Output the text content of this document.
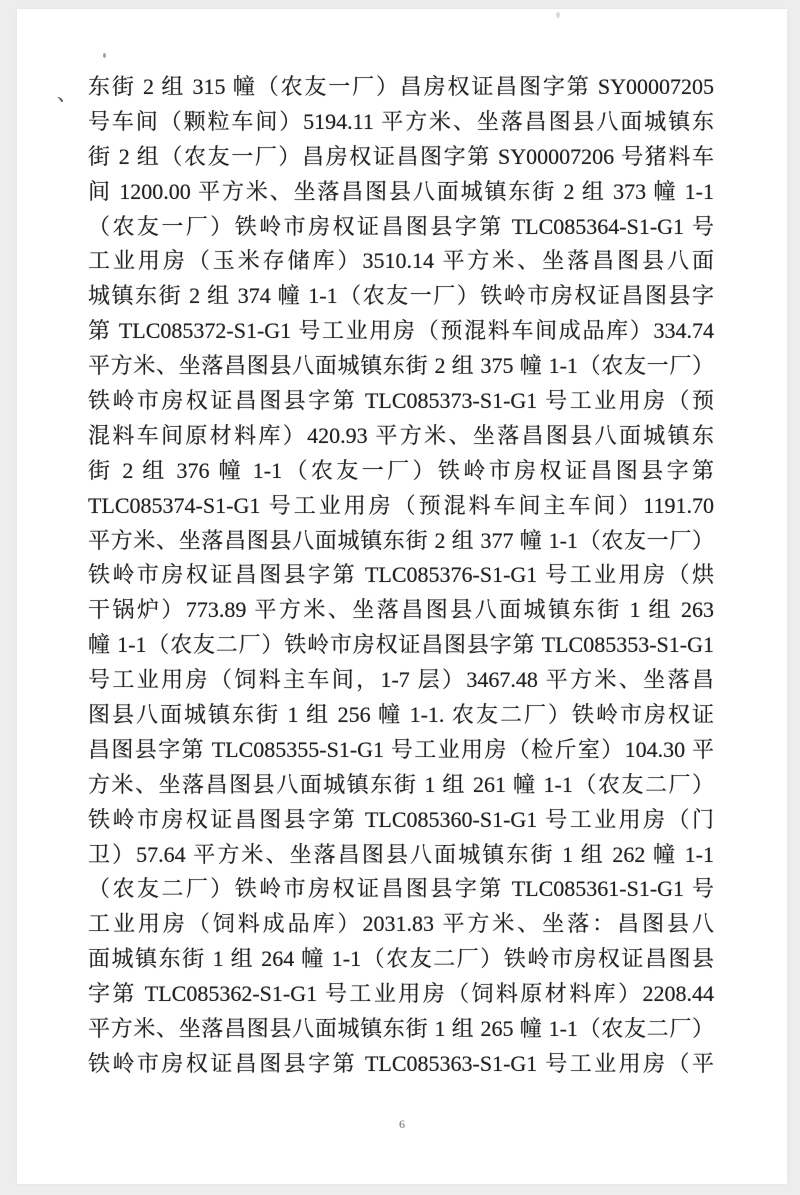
、 东街 2 组 315 幢（农友一厂）昌房权证昌图字第 SY00007205
号车间（颗粒车间）5194.11 平方米、坐落昌图县八面城镇东
街 2 组（农友一厂）昌房权证昌图字第 SY00007206 号猪料车
间 1200.00 平方米、坐落昌图县八面城镇东街 2 组 373 幢 1-1
（农友一厂）铁岭市房权证昌图县字第 TLC085364-S1-G1 号
工业用房（玉米存储库）3510.14 平方米、坐落昌图县八面
城镇东街 2 组 374 幢 1-1（农友一厂）铁岭市房权证昌图县字
第 TLC085372-S1-G1 号工业用房（预混料车间成品库）334.74
平方米、坐落昌图县八面城镇东街 2 组 375 幢 1-1（农友一厂）
铁岭市房权证昌图县字第 TLC085373-S1-G1 号工业用房（预
混料车间原材料库）420.93 平方米、坐落昌图县八面城镇东
街 2 组 376 幢 1-1（农友一厂）铁岭市房权证昌图县字第
TLC085374-S1-G1 号工业用房（预混料车间主车间）1191.70
平方米、坐落昌图县八面城镇东街 2 组 377 幢 1-1（农友一厂）
铁岭市房权证昌图县字第 TLC085376-S1-G1 号工业用房（烘
干锅炉）773.89 平方米、坐落昌图县八面城镇东街 1 组 263
幢 1-1（农友二厂）铁岭市房权证昌图县字第 TLC085353-S1-G1
号工业用房（饲料主车间，1-7 层）3467.48 平方米、坐落昌
图县八面城镇东街 1 组 256 幢 1-1. 农友二厂）铁岭市房权证
昌图县字第 TLC085355-S1-G1 号工业用房（检斤室）104.30 平
方米、坐落昌图县八面城镇东街 1 组 261 幢 1-1（农友二厂）
铁岭市房权证昌图县字第 TLC085360-S1-G1 号工业用房（门
卫）57.64 平方米、坐落昌图县八面城镇东街 1 组 262 幢 1-1
（农友二厂）铁岭市房权证昌图县字第 TLC085361-S1-G1 号
工业用房（饲料成品库）2031.83 平方米、坐落：昌图县八
面城镇东街 1 组 264 幢 1-1（农友二厂）铁岭市房权证昌图县
字第 TLC085362-S1-G1 号工业用房（饲料原材料库）2208.44
平方米、坐落昌图县八面城镇东街 1 组 265 幢 1-1（农友二厂）
铁岭市房权证昌图县字第 TLC085363-S1-G1 号工业用房（平
6
